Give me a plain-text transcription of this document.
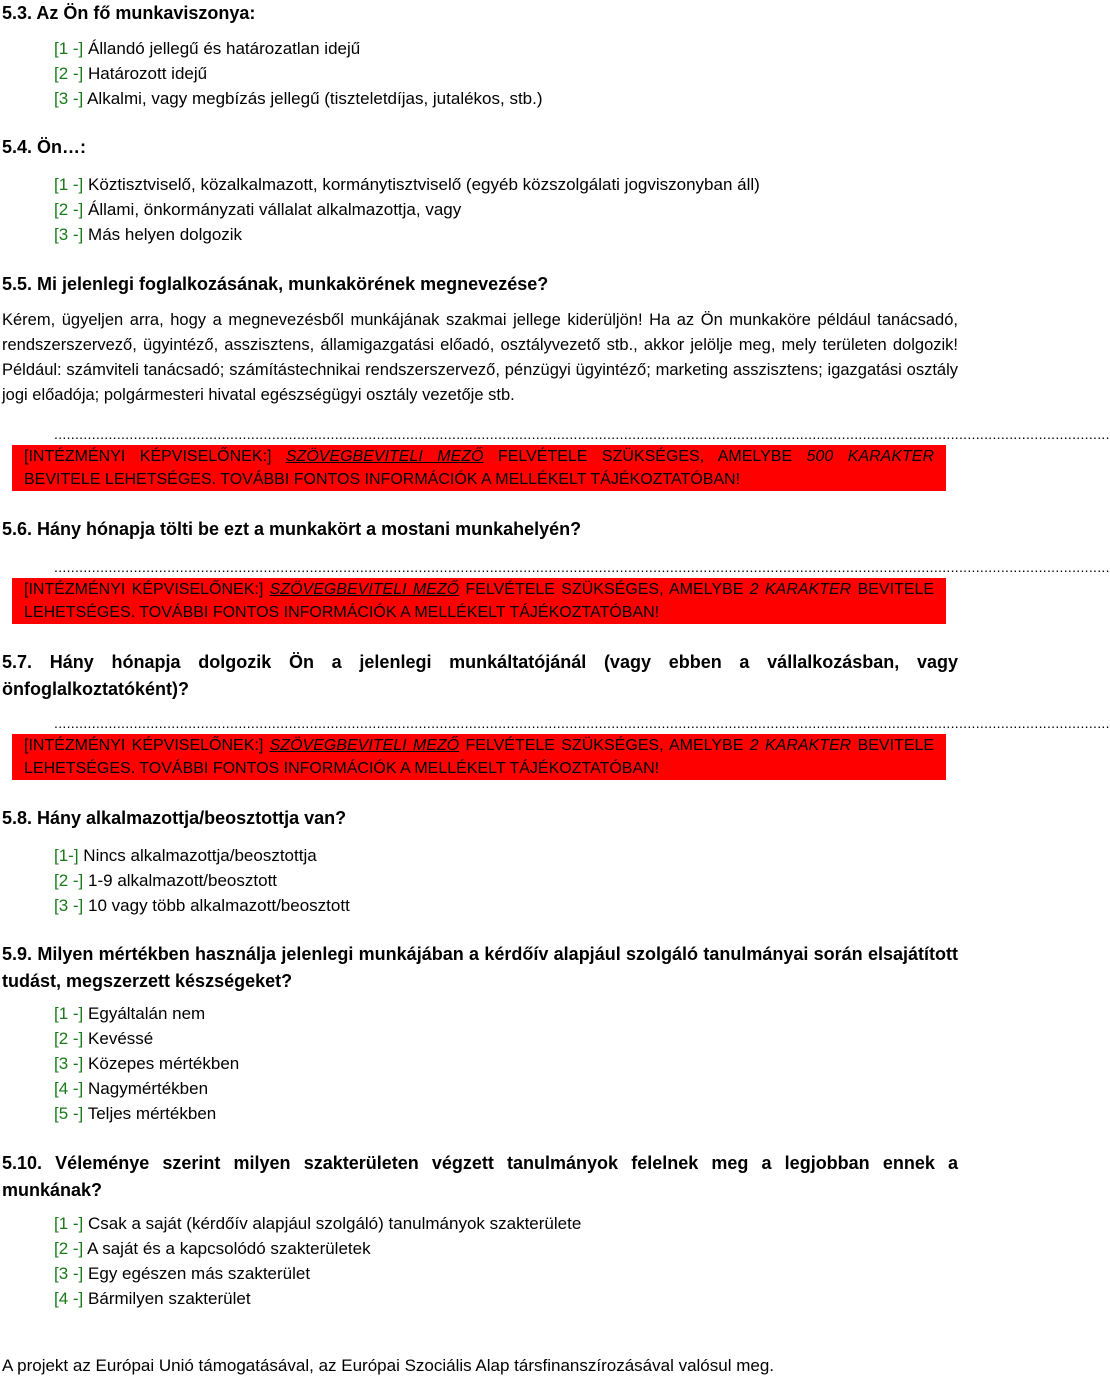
5.3. Az Ön fő munkaviszonya:
[1 -] Állandó jellegű és határozatlan idejű
[2 -] Határozott idejű
[3 -] Alkalmi, vagy megbízás jellegű (tiszteletdíjas, jutalékos, stb.)
5.4. Ön…:
[1 -] Köztisztviselő, közalkalmazott, kormánytisztviselő (egyéb közszolgálati jogviszonyban áll)
[2 -] Állami, önkormányzati vállalat alkalmazottja, vagy
[3 -] Más helyen dolgozik
5.5. Mi jelenlegi foglalkozásának, munkakörének megnevezése?
Kérem, ügyeljen arra, hogy a megnevezésből munkájának szakmai jellege kiderüljön! Ha az Ön munkaköre például tanácsadó, rendszerszervező, ügyintéző, asszisztens, államigazgatási előadó, osztályvezető stb., akkor jelölje meg, mely területen dolgozik! Például: számviteli tanácsadó; számítástechnikai rendszerszervező, pénzügyi ügyintéző; marketing asszisztens; igazgatási osztály jogi előadója; polgármesteri hivatal egészségügyi osztály vezetője stb.
............................................................................................................................................................................................................................................................
[INTÉZMÉNYI KÉPVISELŐNEK:] SZÖVEGBEVITELI MEZŐ FELVÉTELE SZÜKSÉGES, AMELYBE 500 KARAKTER BEVITELE LEHETSÉGES. TOVÁBBI FONTOS INFORMÁCIÓK A MELLÉKELT TÁJÉKOZTATÓBAN!
5.6. Hány hónapja tölti be ezt a munkakört a mostani munkahelyén?
............................................................................................................................................................................................................................................................
[INTÉZMÉNYI KÉPVISELŐNEK:] SZÖVEGBEVITELI MEZŐ FELVÉTELE SZÜKSÉGES, AMELYBE 2 KARAKTER BEVITELE LEHETSÉGES. TOVÁBBI FONTOS INFORMÁCIÓK A MELLÉKELT TÁJÉKOZTATÓBAN!
5.7. Hány hónapja dolgozik Ön a jelenlegi munkáltatójánál (vagy ebben a vállalkozásban, vagy önfoglalkoztatóként)?
............................................................................................................................................................................................................................................................
[INTÉZMÉNYI KÉPVISELŐNEK:] SZÖVEGBEVITELI MEZŐ FELVÉTELE SZÜKSÉGES, AMELYBE 2 KARAKTER BEVITELE LEHETSÉGES. TOVÁBBI FONTOS INFORMÁCIÓK A MELLÉKELT TÁJÉKOZTATÓBAN!
5.8. Hány alkalmazottja/beosztottja van?
[1-] Nincs alkalmazottja/beosztottja
[2 -] 1-9 alkalmazott/beosztott
[3 -] 10 vagy több alkalmazott/beosztott
5.9. Milyen mértékben használja jelenlegi munkájában a kérdőív alapjául szolgáló tanulmányai során elsajátított tudást, megszerzett készségeket?
[1 -] Egyáltalán nem
[2 -] Kevéssé
[3 -] Közepes mértékben
[4 -] Nagymértékben
[5 -] Teljes mértékben
5.10. Véleménye szerint milyen szakterületen végzett tanulmányok felelnek meg a legjobban ennek a munkának?
[1 -] Csak a saját (kérdőív alapjául szolgáló) tanulmányok szakterülete
[2 -] A saját és a kapcsolódó szakterületek
[3 -] Egy egészen más szakterület
[4 -] Bármilyen szakterület
A projekt az Európai Unió támogatásával, az Európai Szociális Alap társfinanszírozásával valósul meg.
